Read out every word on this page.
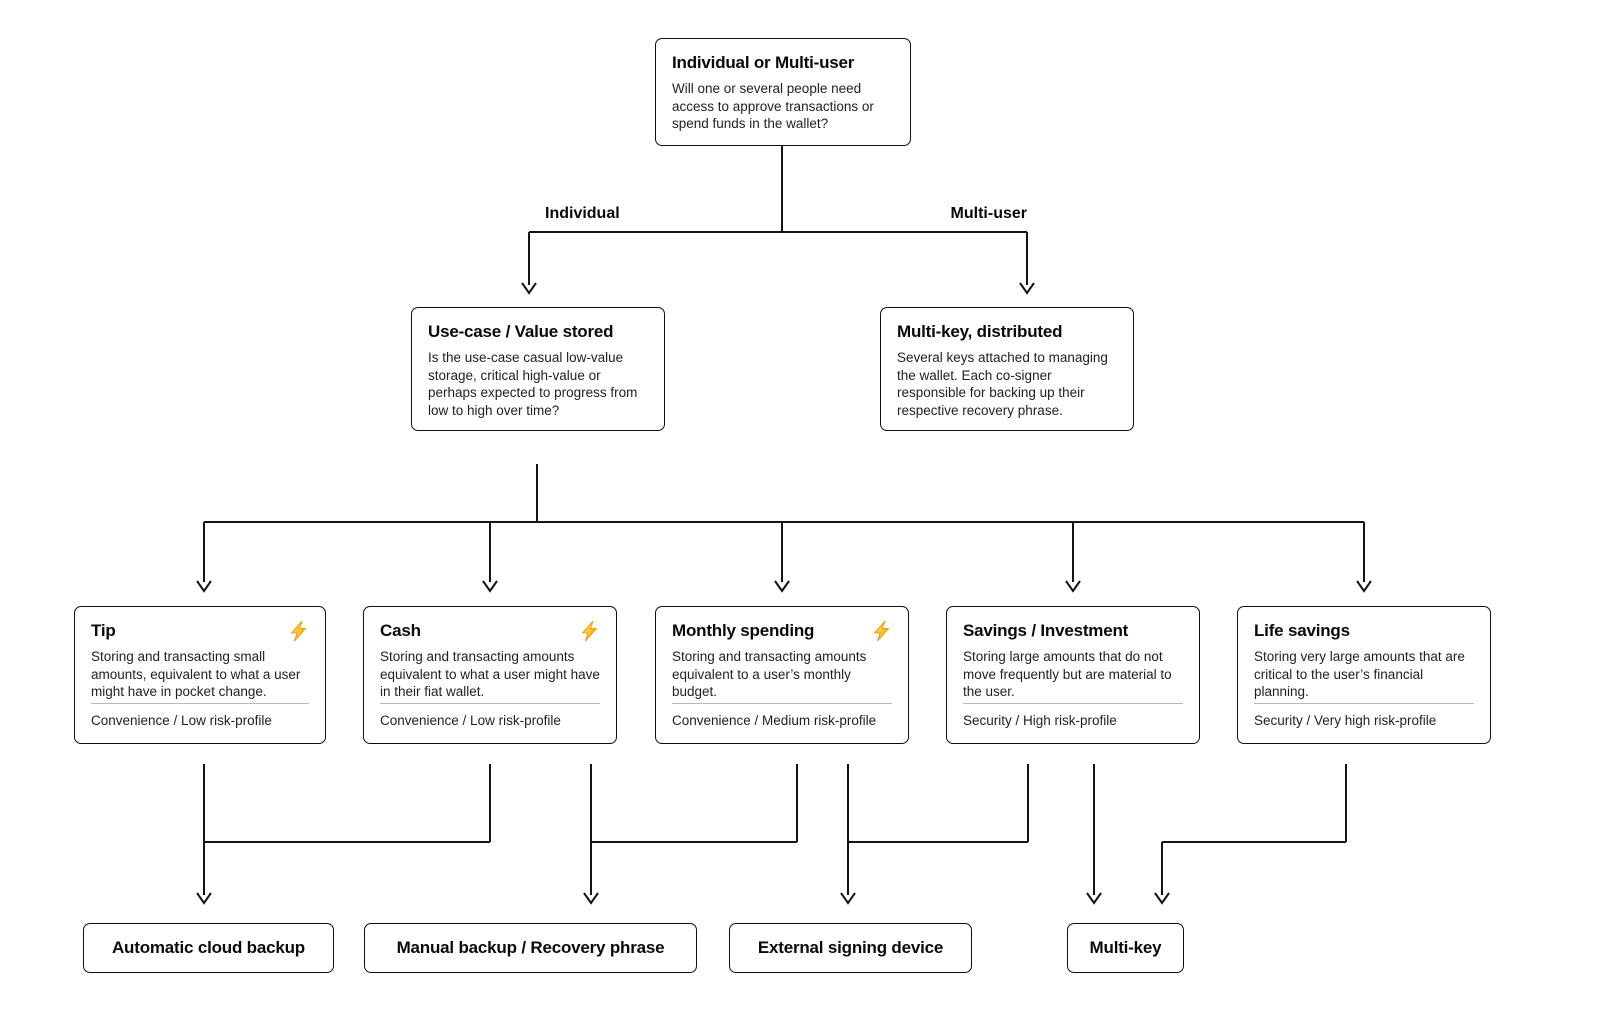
Individual or Multi-user
Will one or several people need access to approve transactions or spend funds in the wallet?
Individual	Multi-user
Use-case / Value stored
Is the use-case casual low-value storage, critical high-value or perhaps expected to progress from low to high over time?
Multi-key, distributed
Several keys attached to managing the wallet. Each co-signer responsible for backing up their respective recovery phrase.
Tip
Storing and transacting small amounts, equivalent to what a user might have in pocket change.
Convenience / Low risk-profile
Cash
Storing and transacting amounts equivalent to what a user might have in their fiat wallet.
Convenience / Low risk-profile
Monthly spending
Storing and transacting amounts equivalent to a user’s monthly budget.
Convenience / Medium risk-profile
Savings / Investment
Storing large amounts that do not move frequently but are material to the user.
Security / High risk-profile
Life savings
Storing very large amounts that are critical to the user’s financial planning.
Security / Very high risk-profile
Automatic cloud backup	Manual backup / Recovery phrase	External signing device	Multi-key
